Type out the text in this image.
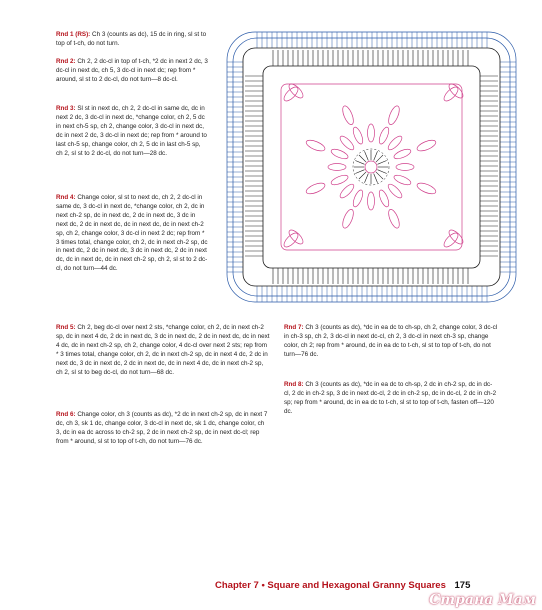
Rnd 1 (RS): Ch 3 (counts as dc), 15 dc in ring, sl st to top of t-ch, do not turn.
Rnd 2: Ch 2, 2 dc-cl in top of t-ch, *2 dc in next 2 dc, 3 dc-cl in next dc, ch 5, 3 dc-cl in next dc; rep from * around, sl st to 2 dc-cl, do not turn—8 dc-cl.
Rnd 3: Sl st in next dc, ch 2, 2 dc-cl in same dc, dc in next 2 dc, 3 dc-cl in next dc, *change color, ch 2, 5 dc in next ch-5 sp, ch 2, change color, 3 dc-cl in next dc, dc in next 2 dc, 3 dc-cl in next dc; rep from * around to last ch-5 sp, change color, ch 2, 5 dc in last ch-5 sp, ch 2, sl st to 2 dc-cl, do not turn—28 dc.
Rnd 4: Change color, sl st to next dc, ch 2, 2 dc-cl in same dc, 3 dc-cl in next dc, *change color, ch 2, dc in next ch-2 sp, dc in next dc, 2 dc in next dc, 3 dc in next dc, 2 dc in next dc, dc in next dc, dc in next ch-2 sp, ch 2, change color, 3 dc-cl in next 2 dc; rep from * 3 times total, change color, ch 2, dc in next ch-2 sp, dc in next dc, 2 dc in next dc, 3 dc in next dc, 2 dc in next dc, dc in next dc, dc in next ch-2 sp, ch 2, sl st to 2 dc-cl, do not turn—44 dc.
Rnd 5: Ch 2, beg dc-cl over next 2 sts, *change color, ch 2, dc in next ch-2 sp, dc in next 4 dc, 2 dc in next dc, 3 dc in next dc, 2 dc in next dc, dc in next 4 dc, dc in next ch-2 sp, ch 2, change color, 4 dc-cl over next 2 sts; rep from * 3 times total, change color, ch 2, dc in next ch-2 sp, dc in next 4 dc, 2 dc in next dc, 3 dc in next dc, 2 dc in next dc, dc in next 4 dc, dc in next ch-2 sp, ch 2, sl st to beg dc-cl, do not turn—68 dc.
Rnd 6: Change color, ch 3 (counts as dc), *2 dc in next ch-2 sp, dc in next 7 dc, ch 3, sk 1 dc, change color, 3 dc-cl in next dc, sk 1 dc, change color, ch 3, dc in ea dc across to ch-2 sp, 2 dc in next ch-2 sp, dc in next dc-cl; rep from * around, sl st to top of t-ch, do not turn—76 dc.
Rnd 7: Ch 3 (counts as dc), *dc in ea dc to ch-sp, ch 2, change color, 3 dc-cl in ch-3 sp, ch 2, 3 dc-cl in next dc-cl, ch 2, 3 dc-cl in next ch-3 sp, change color, ch 2; rep from * around, dc in ea dc to t-ch, sl st to top of t-ch, do not turn—76 dc.
Rnd 8: Ch 3 (counts as dc), *dc in ea dc to ch-sp, 2 dc in ch-2 sp, dc in dc-cl, 2 dc in ch-2 sp, 3 dc in next dc-cl, 2 dc in ch-2 sp, dc in dc-cl, 2 dc in ch-2 sp; rep from * around, dc in ea dc to t-ch, sl st to top of t-ch, fasten off—120 dc.
Chapter 7 • Square and Hexagonal Granny Squares 175
Страна Мам
